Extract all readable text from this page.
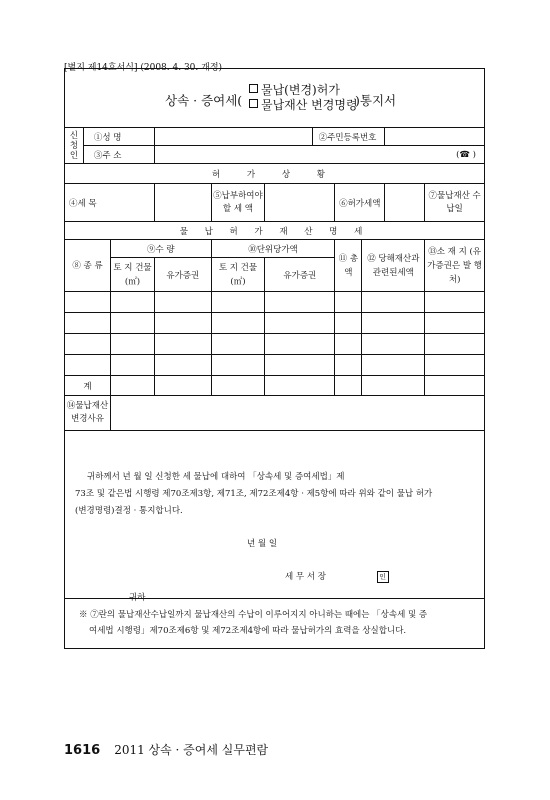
[별지 제14호서식] (2008. 4. 30. 개정)
상속 · 증여세(
물납(변경)허가
물납재산 변경명령
)통지서
신
청
인	①성 명					②주민등록번호				
	③주 소		(☎ )							
허 가 상 황										
④세 목				⑤납부하여야 할 세 액			⑥허가세액			⑦물납재산 수납일
물 납 허 가 재 산 명 세										
⑧ 종 류		⑨수 량		⑩단위당가액			⑪ 총 액	⑫ 당해재산과 관련된세액		⑬소 재 지 (유가증권은 발 행 처)
		토 지 건물(㎡)	유가증권	토 지 건물(㎡)	유가증권					

계										
⑭물납재산 변경사유										
귀하께서 년 월 일 신청한 세 물납에 대하여 「상속세 및 증여세법」제
73조 및 같은법 시행령 제70조제3항, 제71조, 제72조제4항 · 제5항에 따라 위와 같이 물납 허가
(변경명령)결정 · 통지합니다.
년 월 일
세 무 서 장	인
귀하
※ ⑦란의 물납재산수납일까지 물납재산의 수납이 이루어지지 아니하는 때에는 「상속세 및 증
여세법 시행령」제70조제6항 및 제72조제4항에 따라 물납허가의 효력을 상실합니다.
1616 2011 상속 · 증여세 실무편람
